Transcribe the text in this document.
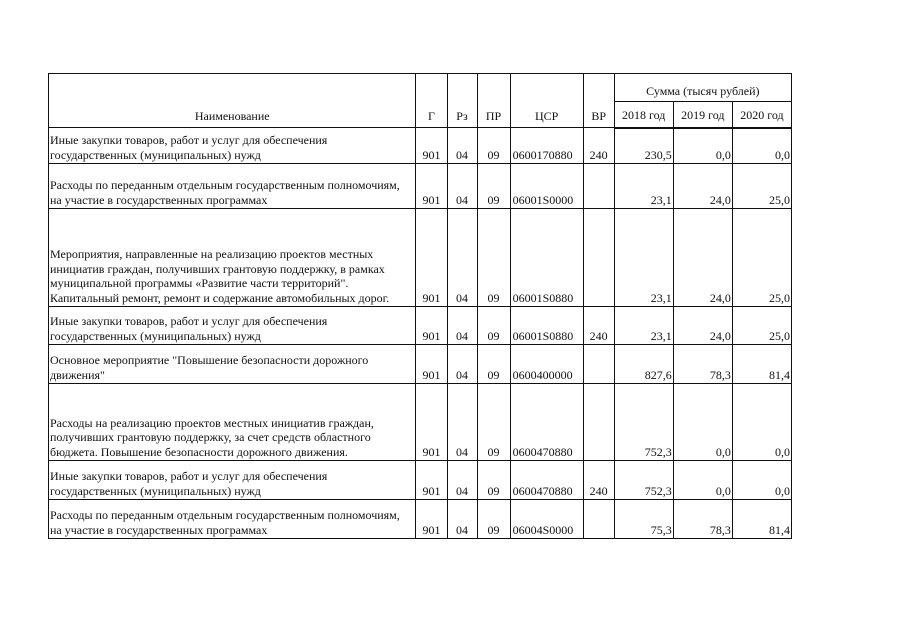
Наименование	Г	Рз	ПР	ЦСР	ВР	Сумма (тысяч рублей)		
						2018 год	2019 год	2020 год
Иные закупки товаров, работ и услуг для обеспечения государственных (муниципальных) нужд	901	04	09	0600170880	240	230,5	0,0	0,0
Расходы по переданным отдельным государственным полномочиям, на участие в государственных программах	901	04	09	06001S0000		23,1	24,0	25,0
Мероприятия, направленные на реализацию проектов местных инициатив граждан, получивших грантовую поддержку, в рамках муниципальной программы «Развитие части территорий". Капитальный ремонт, ремонт и содержание автомобильных дорог.	901	04	09	06001S0880		23,1	24,0	25,0
Иные закупки товаров, работ и услуг для обеспечения государственных (муниципальных) нужд	901	04	09	06001S0880	240	23,1	24,0	25,0
Основное мероприятие "Повышение безопасности дорожного движения"	901	04	09	0600400000		827,6	78,3	81,4
Расходы на реализацию проектов местных инициатив граждан, получивших грантовую поддержку, за счет средств областного бюджета. Повышение безопасности дорожного движения.	901	04	09	0600470880		752,3	0,0	0,0
Иные закупки товаров, работ и услуг для обеспечения государственных (муниципальных) нужд	901	04	09	0600470880	240	752,3	0,0	0,0
Расходы по переданным отдельным государственным полномочиям, на участие в государственных программах	901	04	09	06004S0000		75,3	78,3	81,4
